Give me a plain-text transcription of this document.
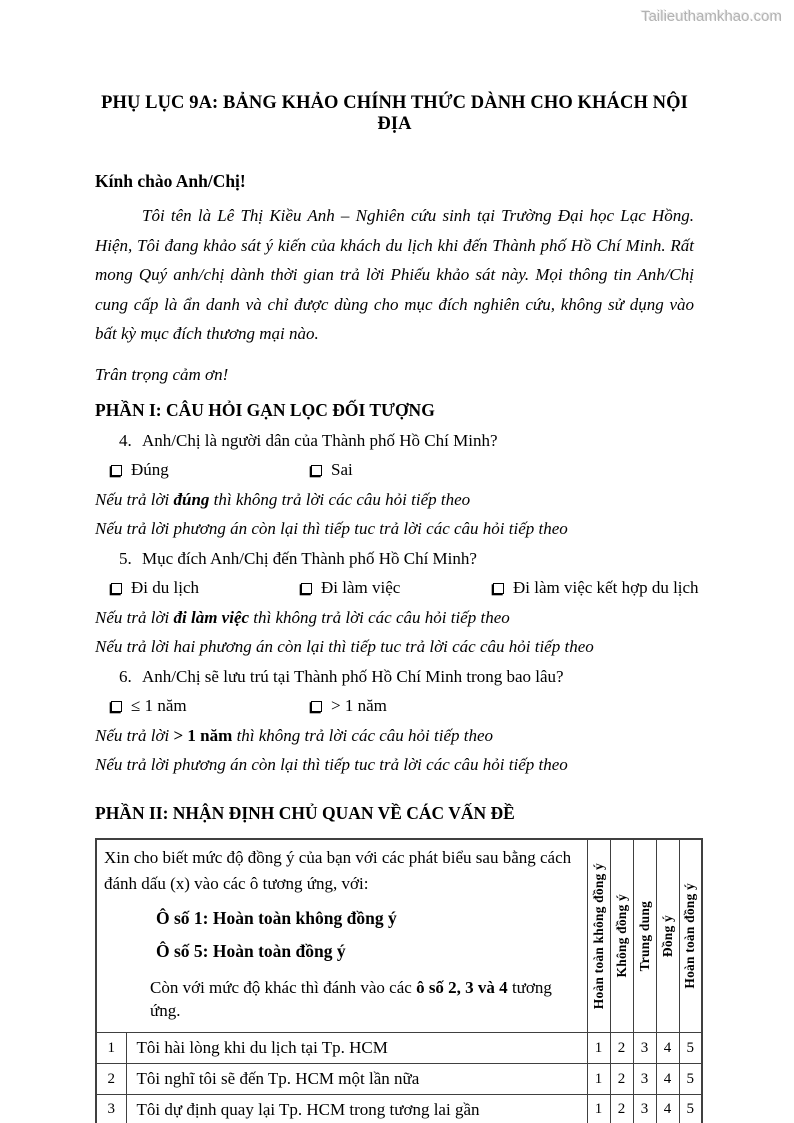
Tailieuthamkhao.com
PHỤ LỤC 9A: BẢNG KHẢO CHÍNH THỨC DÀNH CHO KHÁCH NỘI ĐỊA
Kính chào Anh/Chị!

Tôi tên là Lê Thị Kiều Anh – Nghiên cứu sinh tại Trường Đại học Lạc Hồng. Hiện, Tôi đang khảo sát ý kiến của khách du lịch khi đến Thành phố Hồ Chí Minh. Rất mong Quý anh/chị dành thời gian trả lời Phiếu khảo sát này. Mọi thông tin Anh/Chị cung cấp là ẩn danh và chỉ được dùng cho mục đích nghiên cứu, không sử dụng vào bất kỳ mục đích thương mại nào.

Trân trọng cảm ơn!

PHẦN I: CÂU HỎI GẠN LỌC ĐỐI TƯỢNG
4. Anh/Chị là người dân của Thành phố Hồ Chí Minh?
Đúng	Sai
Nếu trả lời đúng thì không trả lời các câu hỏi tiếp theo
Nếu trả lời phương án còn lại thì tiếp tuc trả lời các câu hỏi tiếp theo
5. Mục đích Anh/Chị đến Thành phố Hồ Chí Minh?
Đi du lịch	Đi làm việc	Đi làm việc kết hợp du lịch
Nếu trả lời đi làm việc thì không trả lời các câu hỏi tiếp theo
Nếu trả lời hai phương án còn lại thì tiếp tuc trả lời các câu hỏi tiếp theo
6. Anh/Chị sẽ lưu trú tại Thành phố Hồ Chí Minh trong bao lâu?
≤ 1 năm	> 1 năm
Nếu trả lời > 1 năm thì không trả lời các câu hỏi tiếp theo
Nếu trả lời phương án còn lại thì tiếp tuc trả lời các câu hỏi tiếp theo
PHẦN II: NHẬN ĐỊNH CHỦ QUAN VỀ CÁC VẤN ĐỀ

Xin cho biết mức độ đồng ý của bạn với các phát biểu sau bằng cách đánh dấu (x) vào các ô tương ứng, với:

Ô số 1: Hoàn toàn không đồng ý

Ô số 5: Hoàn toàn đồng ý

Còn với mức độ khác thì đánh vào các ô số 2, 3 và 4 tương ứng.		Hoàn toàn không đồng ý	Không đồng ý	Trung dung	Đồng ý	Hoàn toàn đồng ý

1	Tôi hài lòng khi du lịch tại Tp. HCM	1	2	3	4	5
2	Tôi nghĩ tôi sẽ đến Tp. HCM một lần nữa	1	2	3	4	5
3	Tôi dự định quay lại Tp. HCM trong tương lai gần	1	2	3	4	5
